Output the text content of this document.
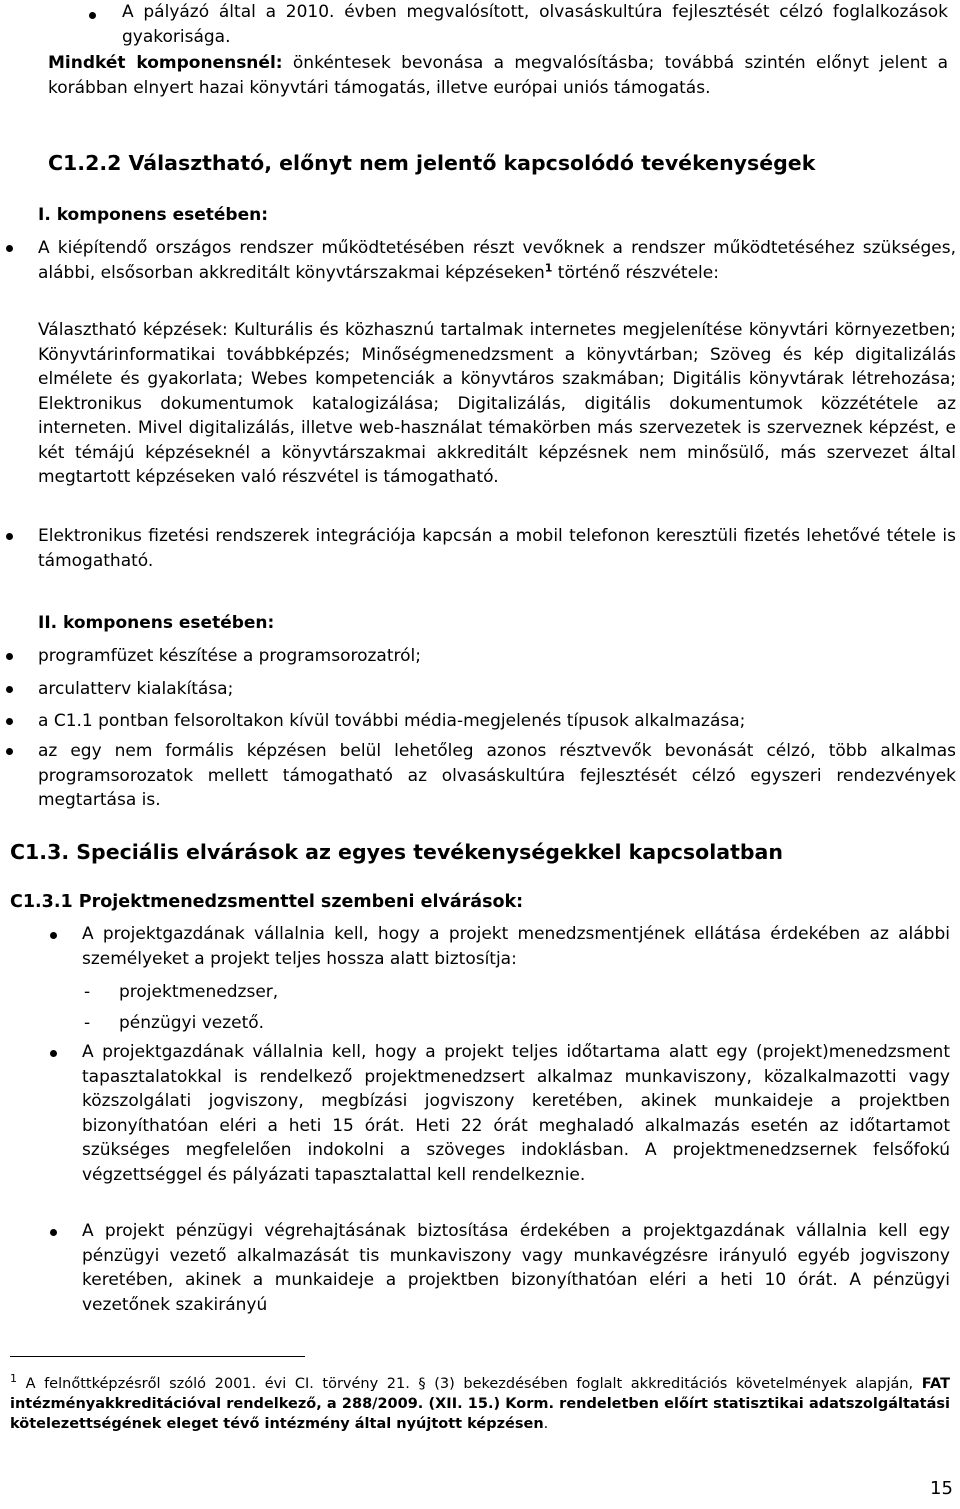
A pályázó által a 2010. évben megvalósított, olvasáskultúra fejlesztését célzó foglalkozások gyakorisága.

Mindkét komponensnél: önkéntesek bevonása a megvalósításba; továbbá szintén előnyt jelent a korábban elnyert hazai könyvtári támogatás, illetve európai uniós támogatás.

C1.2.2 Választható, előnyt nem jelentő kapcsolódó tevékenységek
I. komponens esetében:

A kiépítendő országos rendszer működtetésében részt vevőknek a rendszer működtetéséhez szükséges, alábbi, elsősorban akkreditált könyvtárszakmai képzéseken$^1$ történő részvétele:

Választható képzések: Kulturális és közhasznú tartalmak internetes megjelenítése könyvtári környezetben; Könyvtárinformatikai továbbképzés; Minőségmenedzsment a könyvtárban; Szöveg és kép digitalizálás elmélete és gyakorlata; Webes kompetenciák a könyvtáros szakmában; Digitális könyvtárak létrehozása; Elektronikus dokumentumok katalogizálása; Digitalizálás, digitális dokumentumok közzététele az interneten. Mivel digitalizálás, illetve web-használat témakörben más szervezetek is szerveznek képzést, e két témájú képzéseknél a könyvtárszakmai akkreditált képzésnek nem minősülő, más szervezet által megtartott képzéseken való részvétel is támogatható.

Elektronikus fizetési rendszerek integrációja kapcsán a mobil telefonon keresztüli fizetés lehetővé tétele is támogatható.

II. komponens esetében:

programfüzet készítése a programsorozatról;

arculatterv kialakítása;

a C1.1 pontban felsoroltakon kívül további média-megjelenés típusok alkalmazása;

az egy nem formális képzésen belül lehetőleg azonos résztvevők bevonását célzó, több alkalmas programsorozatok mellett támogatható az olvasáskultúra fejlesztését célzó egyszeri rendezvények megtartása is.

C1.3. Speciális elvárások az egyes tevékenységekkel kapcsolatban
C1.3.1 Projektmenedzsmenttel szembeni elvárások:

A projektgazdának vállalnia kell, hogy a projekt menedzsmentjének ellátása érdekében az alábbi személyeket a projekt teljes hossza alatt biztosítja:

- projektmenedzser,

- pénzügyi vezető.

A projektgazdának vállalnia kell, hogy a projekt teljes időtartama alatt egy (projekt)menedzsment tapasztalatokkal is rendelkező projektmenedzsert alkalmaz munkaviszony, közalkalmazotti vagy közszolgálati jogviszony, megbízási jogviszony keretében, akinek munkaideje a projektben bizonyíthatóan eléri a heti 15 órát. Heti 22 órát meghaladó alkalmazás esetén az időtartamot szükséges megfelelően indokolni a szöveges indoklásban. A projektmenedzsernek felsőfokú végzettséggel és pályázati tapasztalattal kell rendelkeznie.

A projekt pénzügyi végrehajtásának biztosítása érdekében a projektgazdának vállalnia kell egy pénzügyi vezető alkalmazását tis munkaviszony vagy munkavégzésre irányuló egyéb jogviszony keretében, akinek a munkaideje a projektben bizonyíthatóan eléri a heti 10 órát. A pénzügyi vezetőnek szakirányú

$^1$ A felnőttképzésről szóló 2001. évi CI. törvény 21. § (3) bekezdésében foglalt akkreditációs követelmények alapján, FAT intézményakkreditációval rendelkező, a 288/2009. (XII. 15.) Korm. rendeletben előírt statisztikai adatszolgáltatási kötelezettségének eleget tévő intézmény által nyújtott képzésen.

15
